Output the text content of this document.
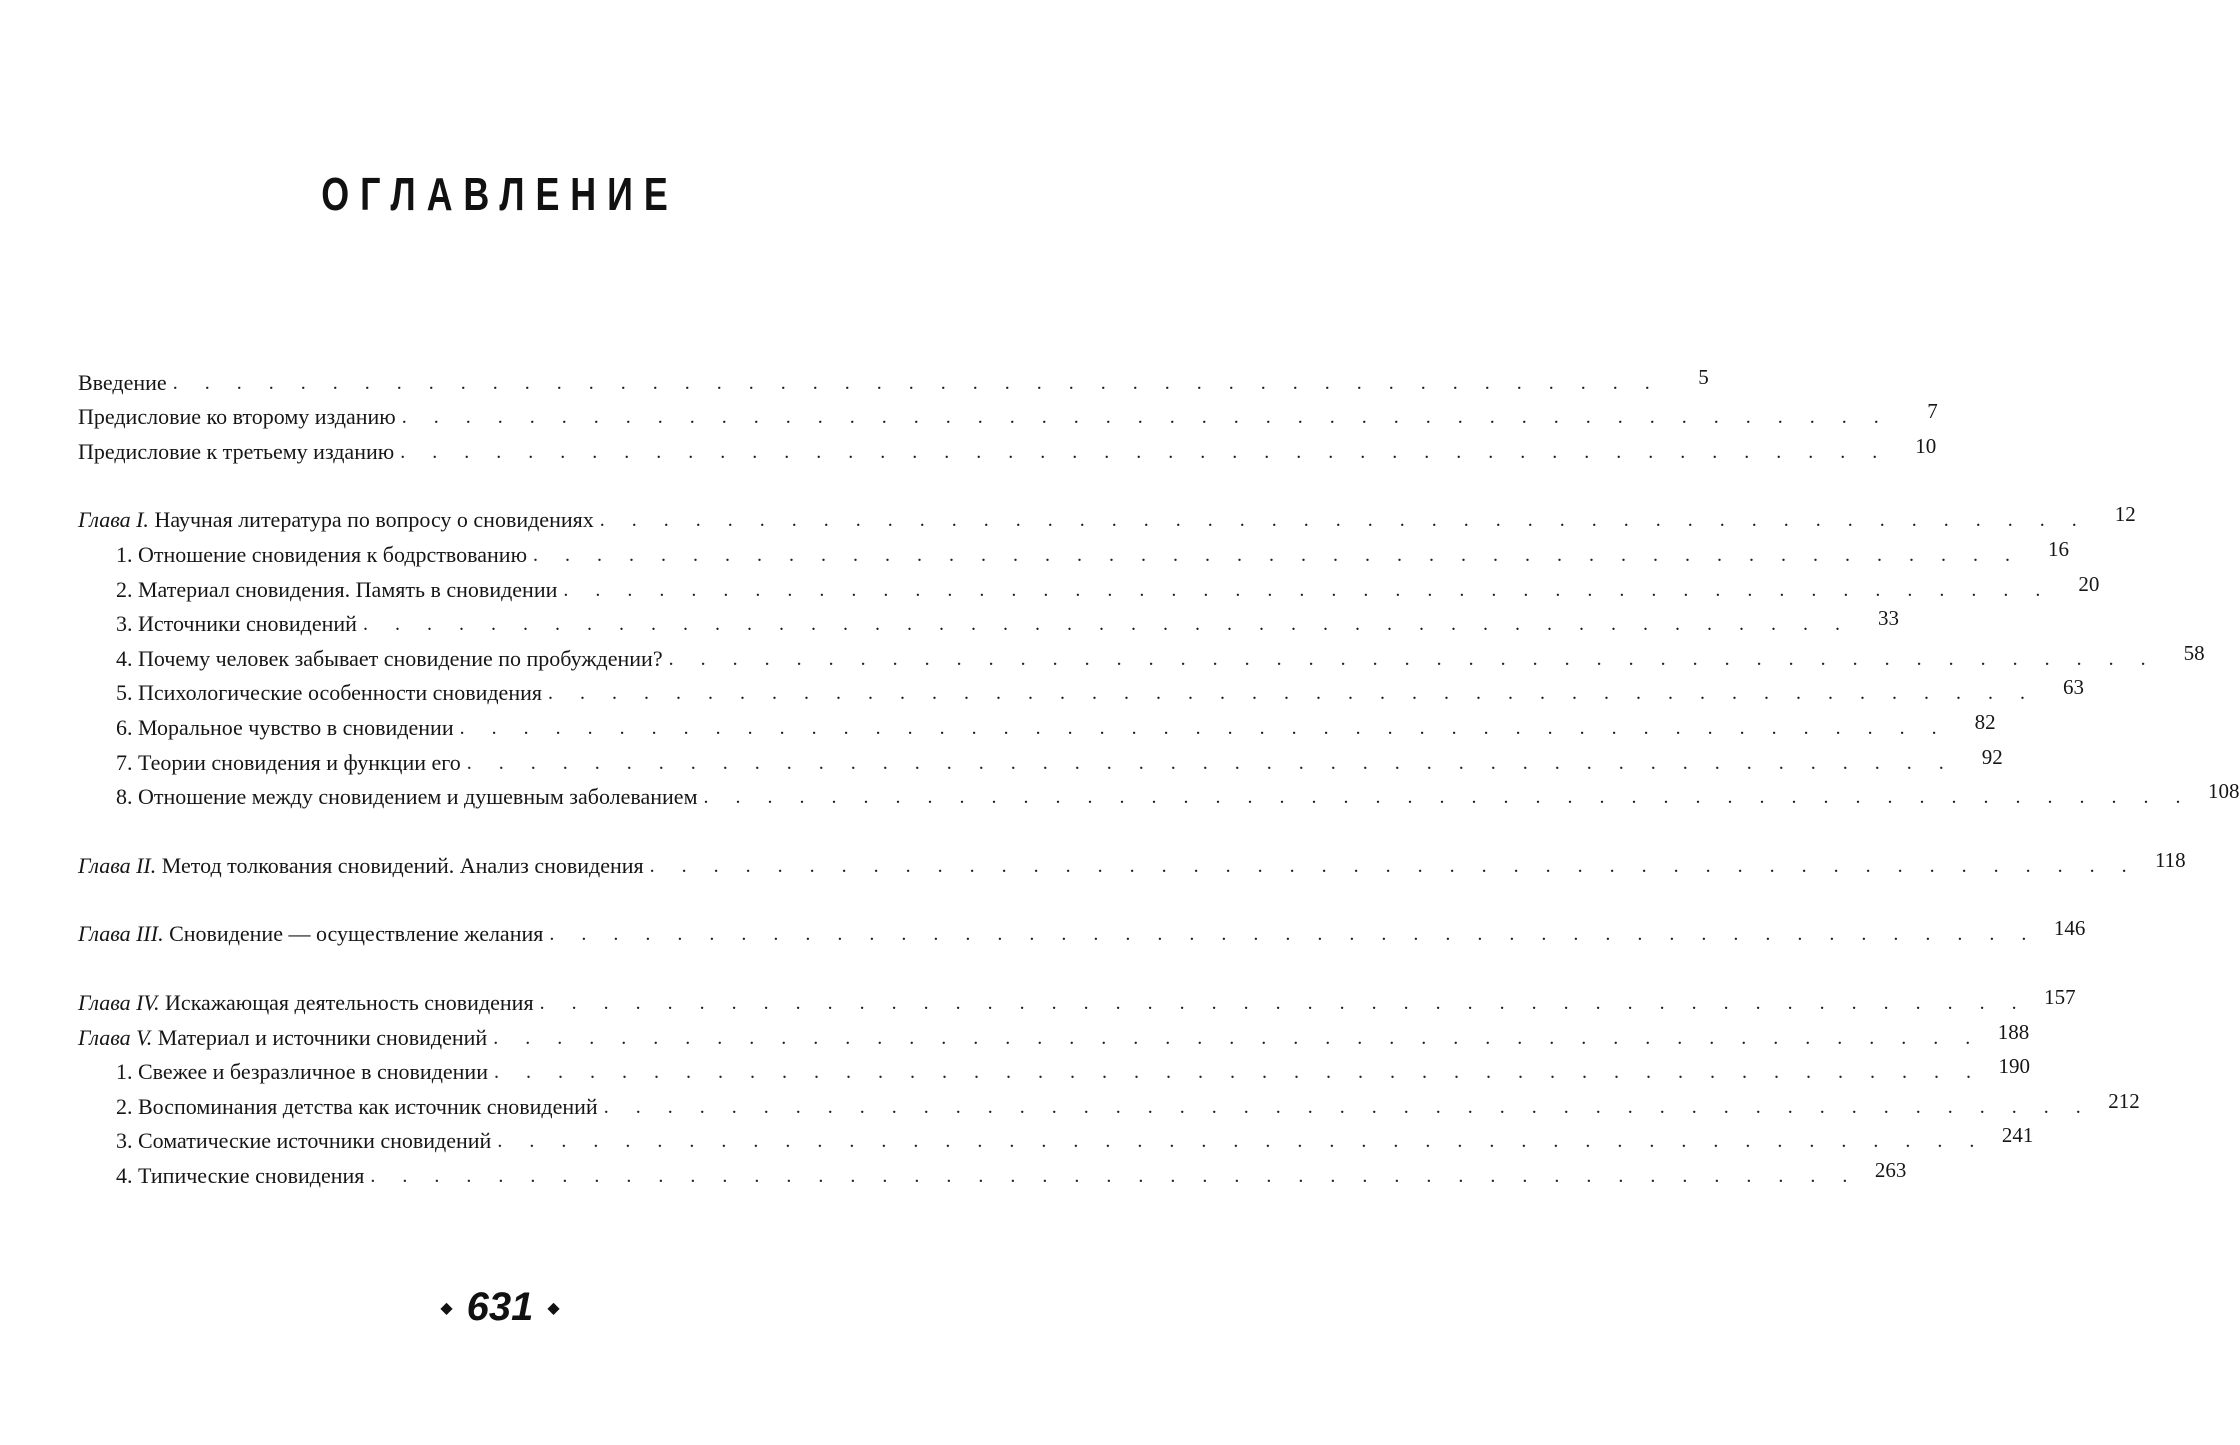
ОГЛАВЛЕНИЕ
Введение . . . . . . . . . . . . . . . . . . . . . . . . . . . . . . . . . . . . . . . . . . . . . . .	5
Предисловие ко второму изданию . . . . . . . . . . . . . . . . . . . . . . . . . . . . . . . . . . . . . . . . . . . . . . .	7
Предисловие к третьему изданию . . . . . . . . . . . . . . . . . . . . . . . . . . . . . . . . . . . . . . . . . . . . . . .	10
Глава I. Научная литература по вопросу о сновидениях . . . . . . . . . . . . . . . . . . . . . . . . . . . . . . . . . . . . . . . . . . . . . . .	12
1. Отношение сновидения к бодрствованию . . . . . . . . . . . . . . . . . . . . . . . . . . . . . . . . . . . . . . . . . . . . . . .	16
2. Материал сновидения. Память в сновидении . . . . . . . . . . . . . . . . . . . . . . . . . . . . . . . . . . . . . . . . . . . . . . .	20
3. Источники сновидений . . . . . . . . . . . . . . . . . . . . . . . . . . . . . . . . . . . . . . . . . . . . . . .	33
4. Почему человек забывает сновидение по пробуждении? . . . . . . . . . . . . . . . . . . . . . . . . . . . . . . . . . . . . . . . . . . . . . . .	58
5. Психологические особенности сновидения . . . . . . . . . . . . . . . . . . . . . . . . . . . . . . . . . . . . . . . . . . . . . . .	63
6. Моральное чувство в сновидении . . . . . . . . . . . . . . . . . . . . . . . . . . . . . . . . . . . . . . . . . . . . . . .	82
7. Теории сновидения и функции его . . . . . . . . . . . . . . . . . . . . . . . . . . . . . . . . . . . . . . . . . . . . . . .	92
8. Отношение между сновидением и душевным заболеванием . . . . . . . . . . . . . . . . . . . . . . . . . . . . . . . . . . . . . . . . . . . . . . . 108
Глава II. Метод толкования сновидений. Анализ сновидения . . . . . . . . . . . . . . . . . . . . . . . . . . . . . . . . . . . . . . . . . . . . . . . 118
Глава III. Сновидение — осуществление желания . . . . . . . . . . . . . . . . . . . . . . . . . . . . . . . . . . . . . . . . . . . . . . . 146
Глава IV. Искажающая деятельность сновидения . . . . . . . . . . . . . . . . . . . . . . . . . . . . . . . . . . . . . . . . . . . . . . . 157
Глава V. Материал и источники сновидений . . . . . . . . . . . . . . . . . . . . . . . . . . . . . . . . . . . . . . . . . . . . . . . 188
1. Свежее и безразличное в сновидении . . . . . . . . . . . . . . . . . . . . . . . . . . . . . . . . . . . . . . . . . . . . . . . 190
2. Воспоминания детства как источник сновидений . . . . . . . . . . . . . . . . . . . . . . . . . . . . . . . . . . . . . . . . . . . . . . . 212
3. Соматические источники сновидений . . . . . . . . . . . . . . . . . . . . . . . . . . . . . . . . . . . . . . . . . . . . . . . 241
4. Типические сновидения . . . . . . . . . . . . . . . . . . . . . . . . . . . . . . . . . . . . . . . . . . . . . . . 263
◆ 631 ◆
